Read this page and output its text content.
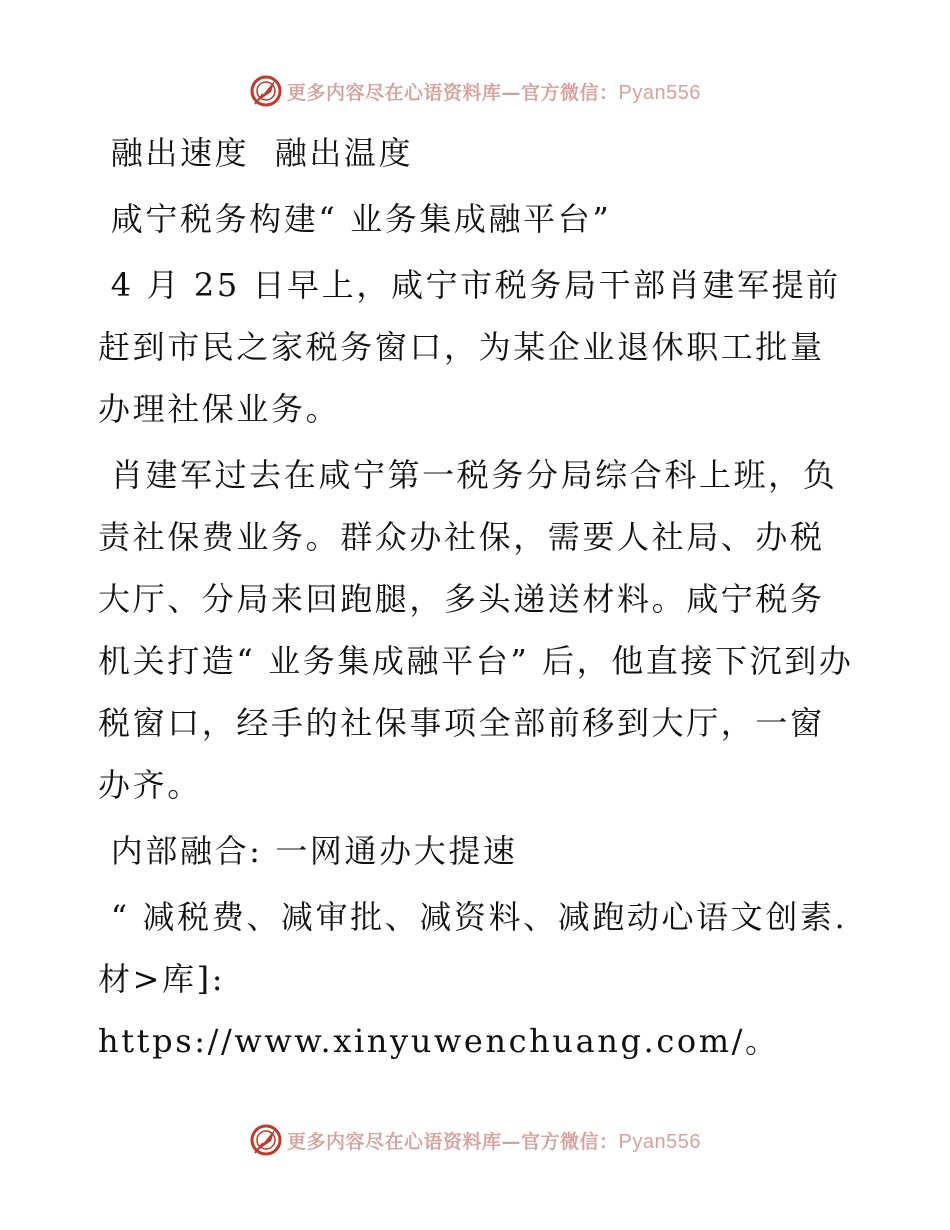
更多内容尽在心语资料库—官方微信：Pyan556

融出速度  融出温度

咸宁税务构建“ 业务集成融平台”

4 月 25 日早上，咸宁市税务局干部肖建军提前赶到市民之家税务窗口，为某企业退休职工批量办理社保业务。

肖建军过去在咸宁第一税务分局综合科上班，负责社保费业务。群众办社保，需要人社局、办税大厅、分局来回跑腿，多头递送材料。咸宁税务机关打造“ 业务集成融平台” 后，他直接下沉到办税窗口，经手的社保事项全部前移到大厅，一窗办齐。

内部融合: 一网通办大提速

“ 减税费、减审批、减资料、减跑动心语文创素.材>库]: https://www.xinyuwenchuang.com/。

更多内容尽在心语资料库—官方微信：Pyan556
